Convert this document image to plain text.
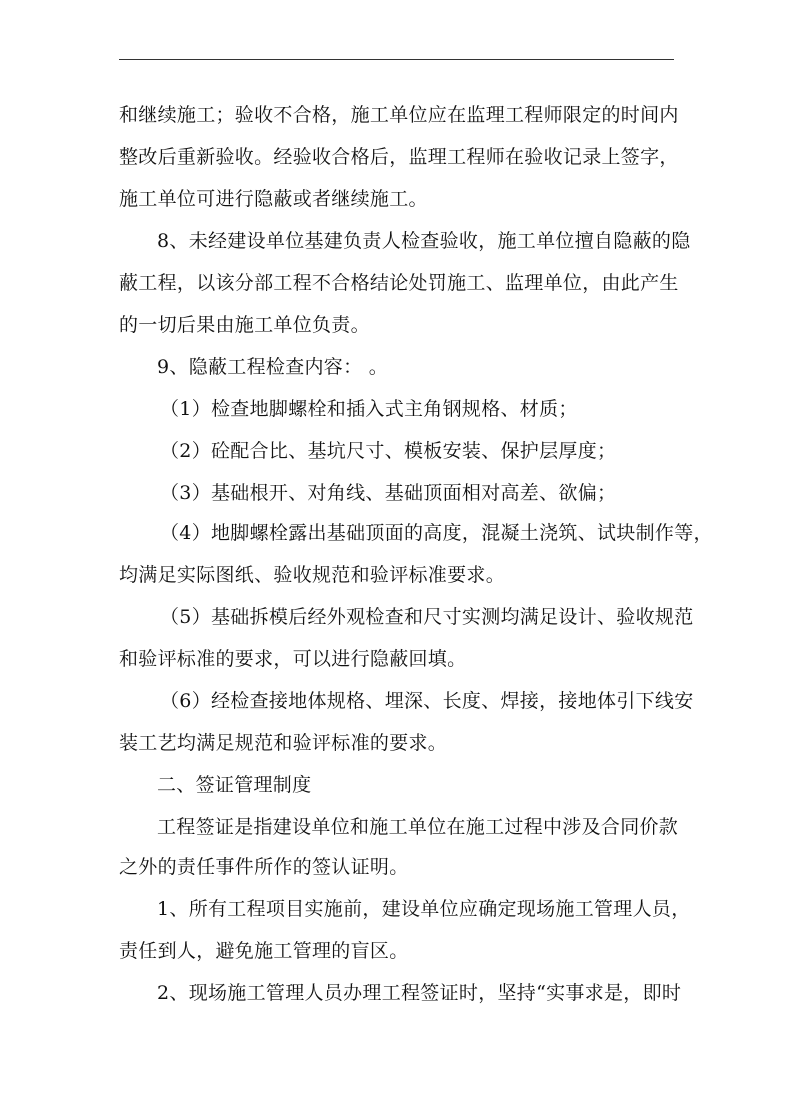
和继续施工；验收不合格，施工单位应在监理工程师限定的时间内
整改后重新验收。经验收合格后，监理工程师在验收记录上签字，
施工单位可进行隐蔽或者继续施工。
8、未经建设单位基建负责人检查验收，施工单位擅自隐蔽的隐
蔽工程，以该分部工程不合格结论处罚施工、监理单位，由此产生
的一切后果由施工单位负责。
9、隐蔽工程检查内容： 。
（1）检查地脚螺栓和插入式主角钢规格、材质；
（2）砼配合比、基坑尺寸、模板安装、保护层厚度；
（3）基础根开、对角线、基础顶面相对高差、欲偏；
（4）地脚螺栓露出基础顶面的高度，混凝土浇筑、试块制作等，
均满足实际图纸、验收规范和验评标准要求。
（5）基础拆模后经外观检查和尺寸实测均满足设计、验收规范
和验评标准的要求，可以进行隐蔽回填。
（6）经检查接地体规格、埋深、长度、焊接，接地体引下线安
装工艺均满足规范和验评标准的要求。
二、签证管理制度
工程签证是指建设单位和施工单位在施工过程中涉及合同价款
之外的责任事件所作的签认证明。
1、所有工程项目实施前，建设单位应确定现场施工管理人员，
责任到人，避免施工管理的盲区。
2、现场施工管理人员办理工程签证时，坚持“实事求是，即时
